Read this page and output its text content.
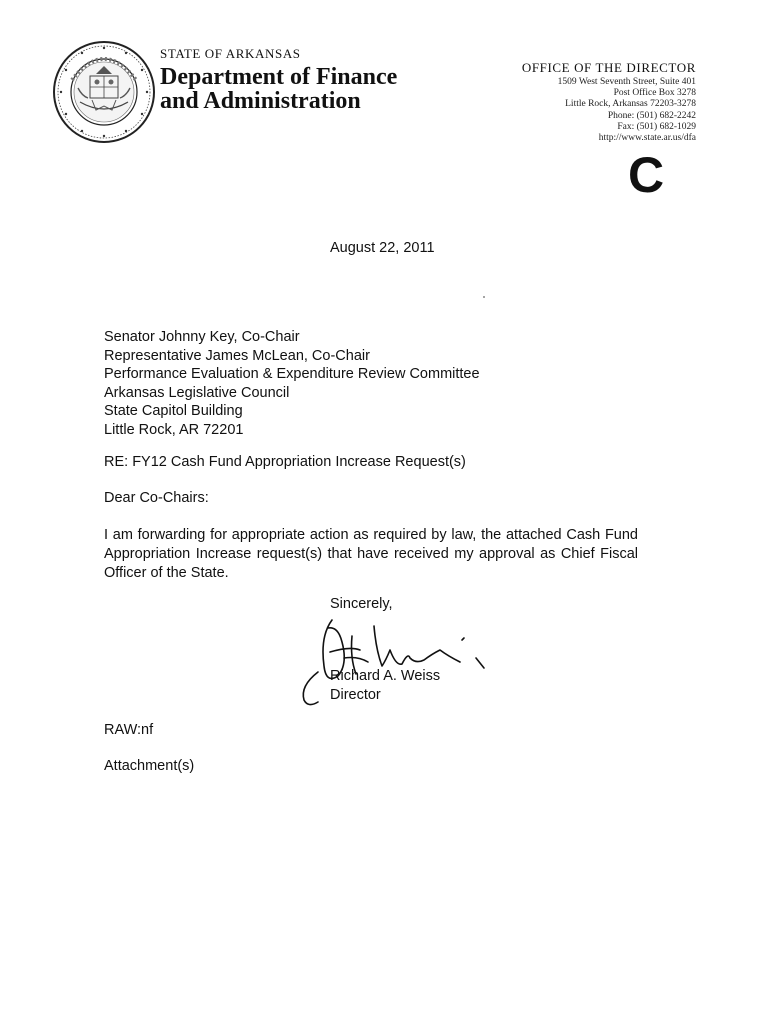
STATE OF ARKANSAS
Department of Finance
and Administration
OFFICE OF THE DIRECTOR
1509 West Seventh Street, Suite 401
Post Office Box 3278
Little Rock, Arkansas 72203-3278
Phone: (501) 682-2242
Fax: (501) 682-1029
http://www.state.ar.us/dfa
C
August 22, 2011
Senator Johnny Key, Co-Chair
Representative James McLean, Co-Chair
Performance Evaluation & Expenditure Review Committee
Arkansas Legislative Council
State Capitol Building
Little Rock, AR 72201
RE: FY12 Cash Fund Appropriation Increase Request(s)
Dear Co-Chairs:
I am forwarding for appropriate action as required by law, the attached Cash Fund Appropriation Increase request(s) that have received my approval as Chief Fiscal Officer of the State.
Sincerely,
Richard A. Weiss
Director
RAW:nf
Attachment(s)
